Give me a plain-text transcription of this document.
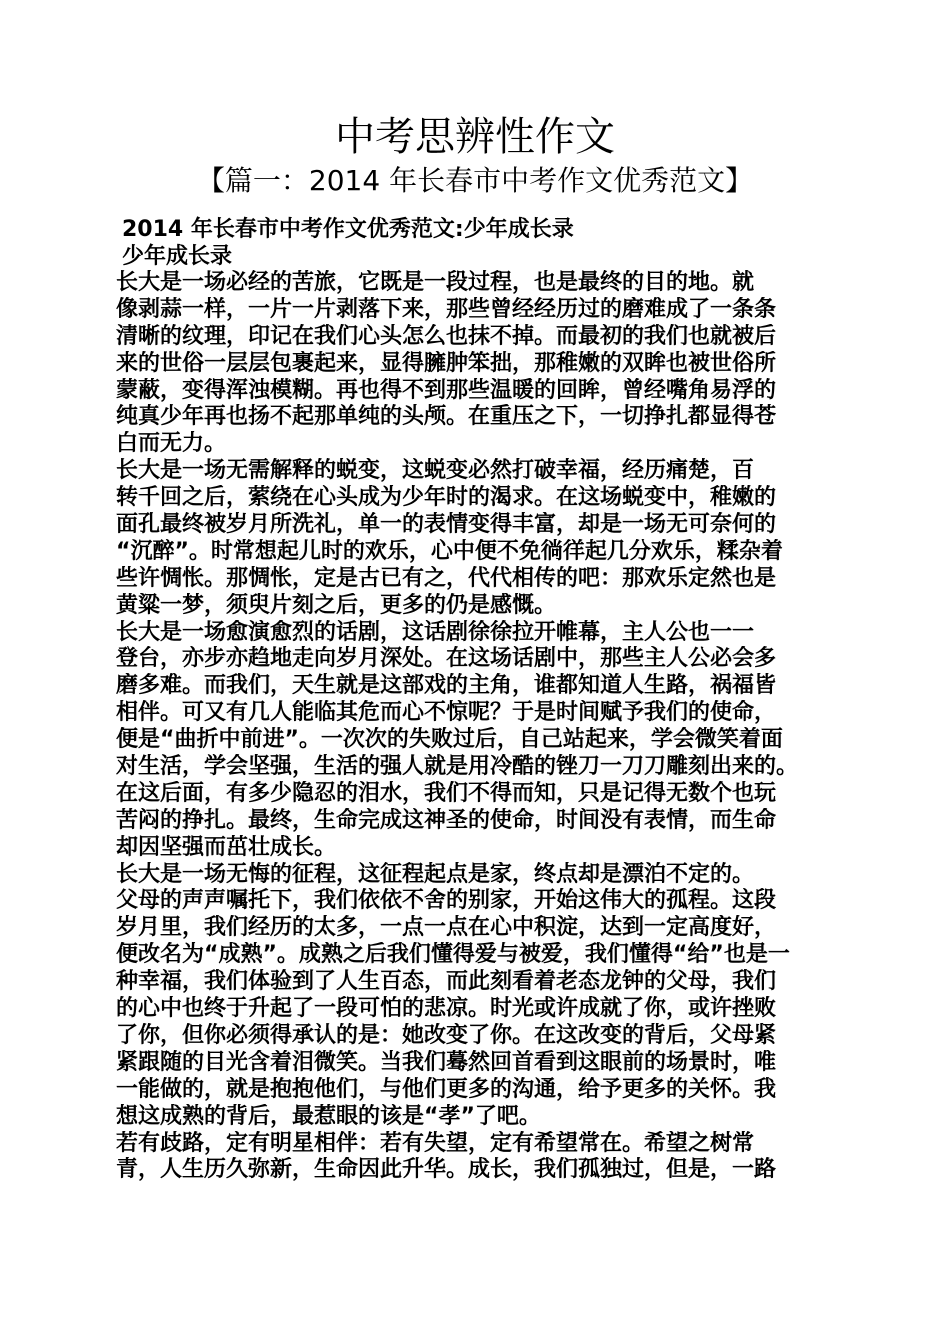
中考思辨性作文
【篇一：2014 年长春市中考作文优秀范文】
2014 年长春市中考作文优秀范文:少年成长录
少年成长录
长大是一场必经的苦旅，它既是一段过程，也是最终的目的地。就
像剥蒜一样，一片一片剥落下来，那些曾经经历过的磨难成了一条条
清晰的纹理，印记在我们心头怎么也抹不掉。而最初的我们也就被后
来的世俗一层层包裹起来，显得臃肿笨拙，那稚嫩的双眸也被世俗所
蒙蔽，变得浑浊模糊。再也得不到那些温暖的回眸，曾经嘴角易浮的
纯真少年再也扬不起那单纯的头颅。在重压之下，一切挣扎都显得苍
白而无力。
长大是一场无需解释的蜕变，这蜕变必然打破幸福，经历痛楚，百
转千回之后，萦绕在心头成为少年时的渴求。在这场蜕变中，稚嫩的
面孔最终被岁月所洗礼，单一的表情变得丰富，却是一场无可奈何的
“沉醉”。时常想起儿时的欢乐，心中便不免徜徉起几分欢乐，糅杂着
些许惆怅。那惆怅，定是古已有之，代代相传的吧：那欢乐定然也是
黄粱一梦，须臾片刻之后，更多的仍是感慨。
长大是一场愈演愈烈的话剧，这话剧徐徐拉开帷幕，主人公也一一
登台，亦步亦趋地走向岁月深处。在这场话剧中，那些主人公必会多
磨多难。而我们，天生就是这部戏的主角，谁都知道人生路，祸福皆
相伴。可又有几人能临其危而心不惊呢？于是时间赋予我们的使命，
便是“曲折中前进”。一次次的失败过后，自己站起来，学会微笑着面
对生活，学会坚强，生活的强人就是用冷酷的锉刀一刀刀雕刻出来的。
在这后面，有多少隐忍的泪水，我们不得而知，只是记得无数个也玩
苦闷的挣扎。最终，生命完成这神圣的使命，时间没有表情，而生命
却因坚强而茁壮成长。
长大是一场无悔的征程，这征程起点是家，终点却是漂泊不定的。
父母的声声嘱托下，我们依依不舍的别家，开始这伟大的孤程。这段
岁月里，我们经历的太多，一点一点在心中积淀，达到一定高度好，
便改名为“成熟”。成熟之后我们懂得爱与被爱，我们懂得“给”也是一
种幸福，我们体验到了人生百态，而此刻看着老态龙钟的父母，我们
的心中也终于升起了一段可怕的悲凉。时光或许成就了你，或许挫败
了你，但你必须得承认的是：她改变了你。在这改变的背后，父母紧
紧跟随的目光含着泪微笑。当我们蓦然回首看到这眼前的场景时，唯
一能做的，就是抱抱他们，与他们更多的沟通，给予更多的关怀。我
想这成熟的背后，最惹眼的该是“孝”了吧。
若有歧路，定有明星相伴：若有失望，定有希望常在。希望之树常
青，人生历久弥新，生命因此升华。成长，我们孤独过，但是，一路
